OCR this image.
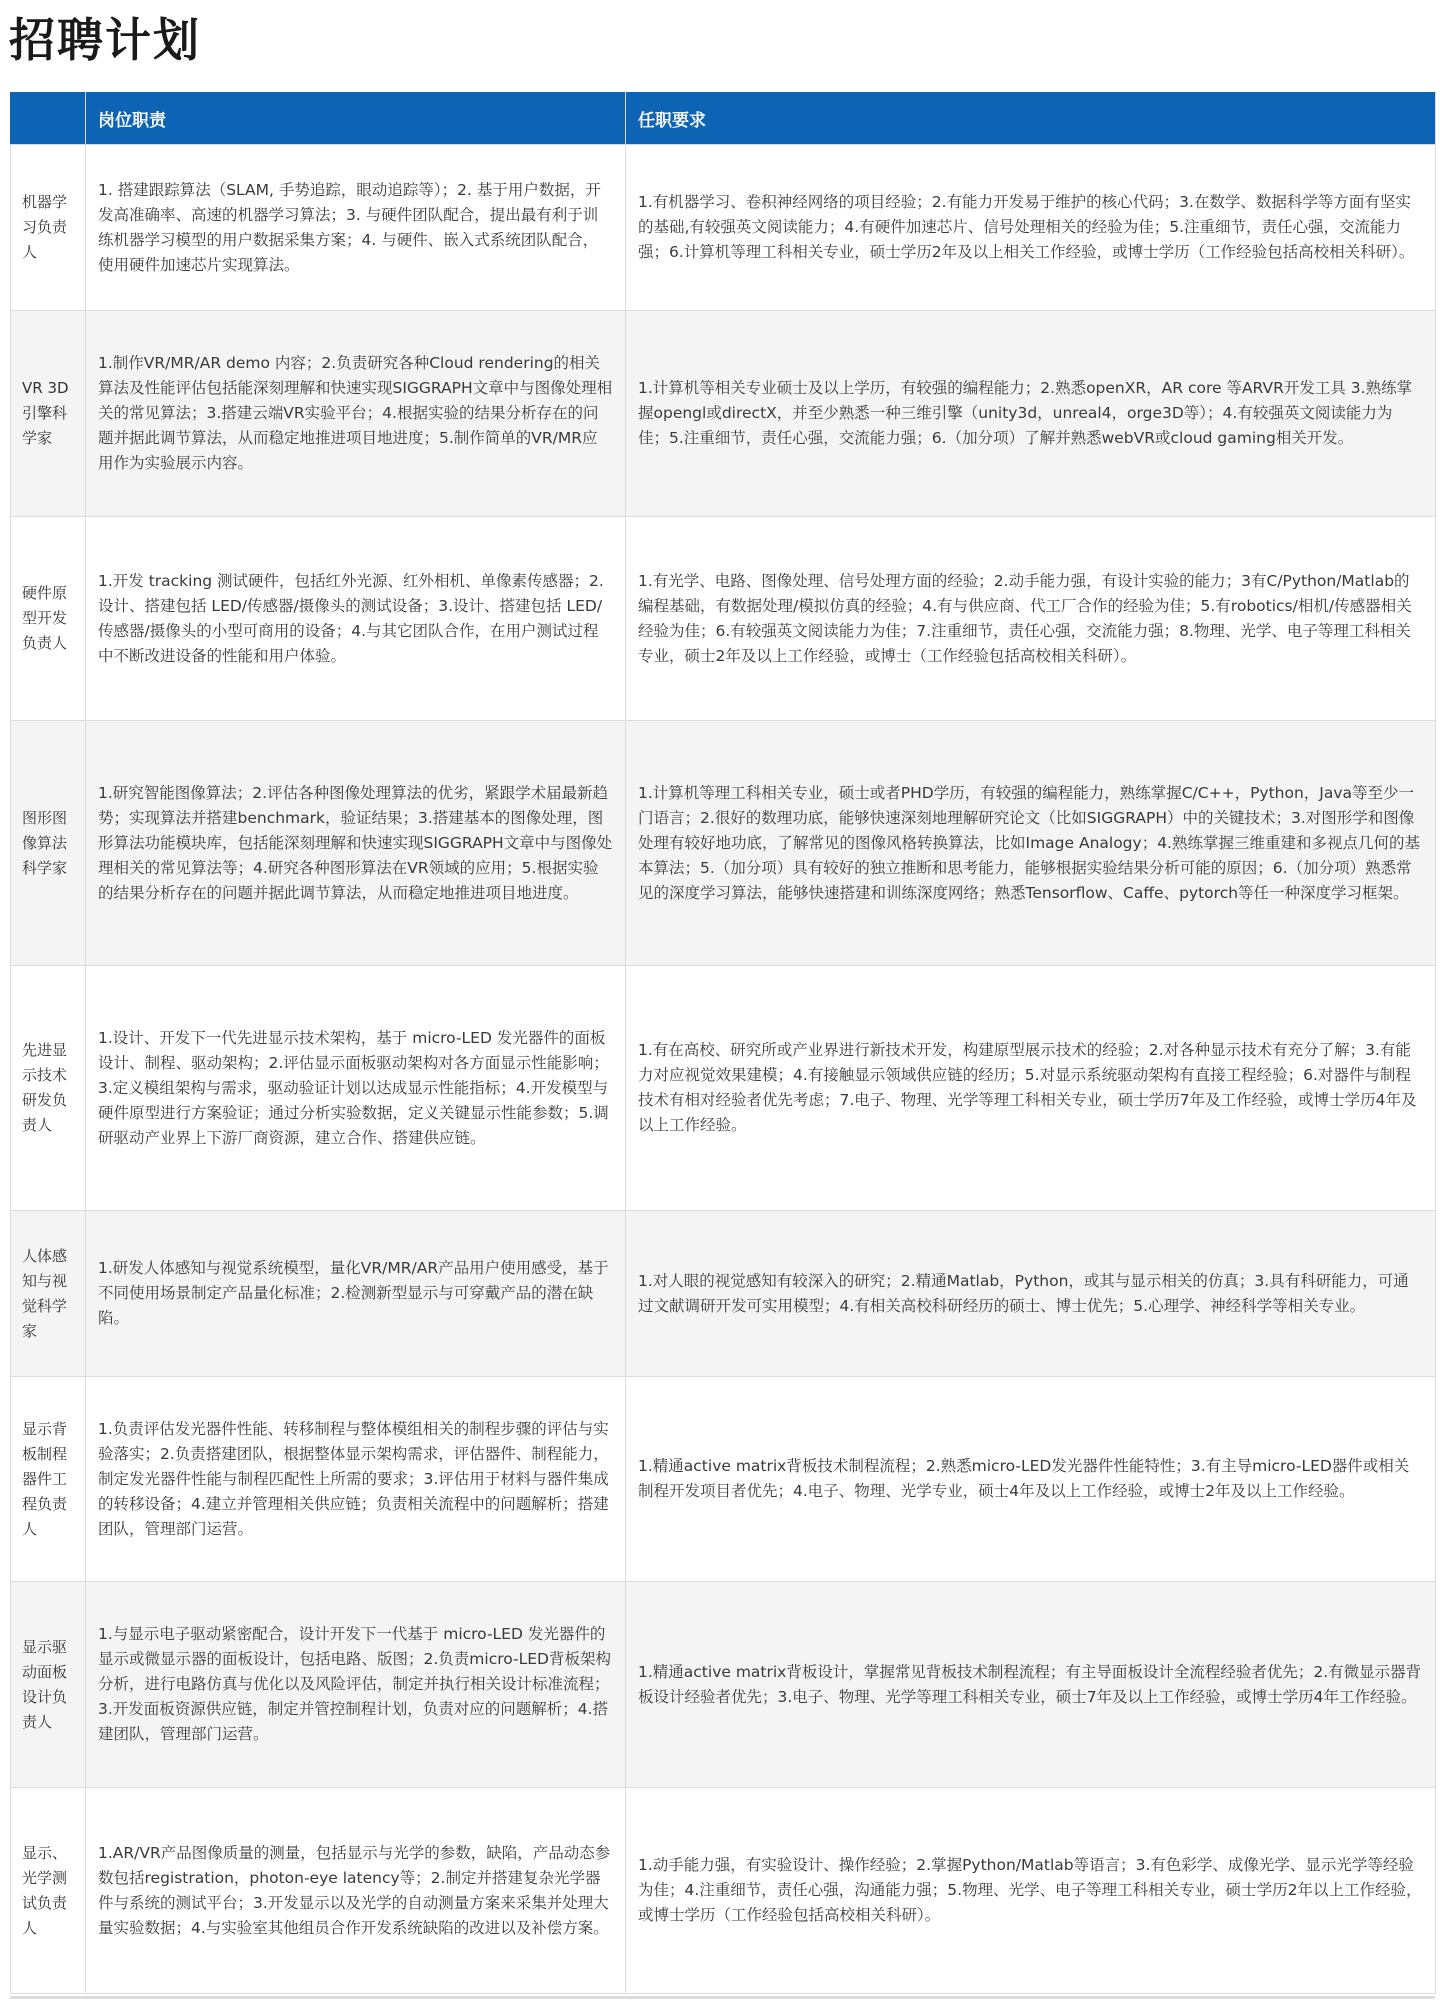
招聘计划
	岗位职责	任职要求
机器学习负责人	1. 搭建跟踪算法（SLAM, 手势追踪，眼动追踪等）；2. 基于用户数据，开发高准确率、高速的机器学习算法；3. 与硬件团队配合，提出最有利于训练机器学习模型的用户数据采集方案；4. 与硬件、嵌入式系统团队配合，使用硬件加速芯片实现算法。	1.有机器学习、卷积神经网络的项目经验；2.有能力开发易于维护的核心代码；3.在数学、数据科学等方面有坚实的基础,有较强英文阅读能力；4.有硬件加速芯片、信号处理相关的经验为佳；5.注重细节，责任心强，交流能力强；6.计算机等理工科相关专业，硕士学历2年及以上相关工作经验，或博士学历（工作经验包括高校相关科研）。
VR 3D 引擎科学家	1.制作VR/MR/AR demo 内容；2.负责研究各种Cloud rendering的相关算法及性能评估包括能深刻理解和快速实现SIGGRAPH文章中与图像处理相关的常见算法；3.搭建云端VR实验平台；4.根据实验的结果分析存在的问题并据此调节算法，从而稳定地推进项目地进度；5.制作简单的VR/MR应用作为实验展示内容。	1.计算机等相关专业硕士及以上学历，有较强的编程能力；2.熟悉openXR，AR core 等ARVR开发工具 3.熟练掌握opengl或directX，并至少熟悉一种三维引擎（unity3d，unreal4，orge3D等）；4.有较强英文阅读能力为佳；5.注重细节，责任心强，交流能力强；6.（加分项）了解并熟悉webVR或cloud gaming相关开发。
硬件原型开发负责人	1.开发 tracking 测试硬件，包括红外光源、红外相机、单像素传感器；2.设计、搭建包括 LED/传感器/摄像头的测试设备；3.设计、搭建包括 LED/传感器/摄像头的小型可商用的设备；4.与其它团队合作，在用户测试过程中不断改进设备的性能和用户体验。	1.有光学、电路、图像处理、信号处理方面的经验；2.动手能力强，有设计实验的能力；3有C/Python/Matlab的编程基础，有数据处理/模拟仿真的经验；4.有与供应商、代工厂合作的经验为佳；5.有robotics/相机/传感器相关经验为佳；6.有较强英文阅读能力为佳；7.注重细节，责任心强，交流能力强；8.物理、光学、电子等理工科相关专业，硕士2年及以上工作经验，或博士（工作经验包括高校相关科研）。
图形图像算法科学家	1.研究智能图像算法；2.评估各种图像处理算法的优劣，紧跟学术届最新趋势；实现算法并搭建benchmark，验证结果；3.搭建基本的图像处理，图形算法功能模块库，包括能深刻理解和快速实现SIGGRAPH文章中与图像处理相关的常见算法等；4.研究各种图形算法在VR领域的应用；5.根据实验的结果分析存在的问题并据此调节算法，从而稳定地推进项目地进度。	1.计算机等理工科相关专业，硕士或者PHD学历，有较强的编程能力，熟练掌握C/C++，Python，Java等至少一门语言；2.很好的数理功底，能够快速深刻地理解研究论文（比如SIGGRAPH）中的关键技术；3.对图形学和图像处理有较好地功底，了解常见的图像风格转换算法，比如Image Analogy；4.熟练掌握三维重建和多视点几何的基本算法；5.（加分项）具有较好的独立推断和思考能力，能够根据实验结果分析可能的原因；6.（加分项）熟悉常见的深度学习算法，能够快速搭建和训练深度网络；熟悉Tensorflow、Caffe、pytorch等任一种深度学习框架。
先进显示技术研发负责人	1.设计、开发下一代先进显示技术架构，基于 micro-LED 发光器件的面板设计、制程、驱动架构；2.评估显示面板驱动架构对各方面显示性能影响；3.定义模组架构与需求，驱动验证计划以达成显示性能指标；4.开发模型与硬件原型进行方案验证；通过分析实验数据，定义关键显示性能参数；5.调研驱动产业界上下游厂商资源，建立合作、搭建供应链。	1.有在高校、研究所或产业界进行新技术开发，构建原型展示技术的经验；2.对各种显示技术有充分了解；3.有能力对应视觉效果建模；4.有接触显示领域供应链的经历；5.对显示系统驱动架构有直接工程经验；6.对器件与制程技术有相对经验者优先考虑；7.电子、物理、光学等理工科相关专业，硕士学历7年及工作经验，或博士学历4年及以上工作经验。
人体感知与视觉科学家	1.研发人体感知与视觉系统模型，量化VR/MR/AR产品用户使用感受，基于不同使用场景制定产品量化标准；2.检测新型显示与可穿戴产品的潜在缺陷。	1.对人眼的视觉感知有较深入的研究；2.精通Matlab，Python，或其与显示相关的仿真；3.具有科研能力，可通过文献调研开发可实用模型；4.有相关高校科研经历的硕士、博士优先；5.心理学、神经科学等相关专业。
显示背板制程器件工程负责人	1.负责评估发光器件性能、转移制程与整体模组相关的制程步骤的评估与实验落实；2.负责搭建团队，根据整体显示架构需求，评估器件、制程能力，制定发光器件性能与制程匹配性上所需的要求；3.评估用于材料与器件集成的转移设备；4.建立并管理相关供应链；负责相关流程中的问题解析；搭建团队，管理部门运营。	1.精通active matrix背板技术制程流程；2.熟悉micro-LED发光器件性能特性；3.有主导micro-LED器件或相关制程开发项目者优先；4.电子、物理、光学专业，硕士4年及以上工作经验，或博士2年及以上工作经验。
显示驱动面板设计负责人	1.与显示电子驱动紧密配合，设计开发下一代基于 micro-LED 发光器件的显示或微显示器的面板设计，包括电路、版图；2.负责micro-LED背板架构分析，进行电路仿真与优化以及风险评估，制定并执行相关设计标准流程；3.开发面板资源供应链，制定并管控制程计划，负责对应的问题解析；4.搭建团队，管理部门运营。	1.精通active matrix背板设计，掌握常见背板技术制程流程；有主导面板设计全流程经验者优先；2.有微显示器背板设计经验者优先；3.电子、物理、光学等理工科相关专业，硕士7年及以上工作经验，或博士学历4年工作经验。
显示、光学测试负责人	1.AR/VR产品图像质量的测量，包括显示与光学的参数，缺陷，产品动态参数包括registration，photon-eye latency等；2.制定并搭建复杂光学器件与系统的测试平台；3.开发显示以及光学的自动测量方案来采集并处理大量实验数据；4.与实验室其他组员合作开发系统缺陷的改进以及补偿方案。	1.动手能力强，有实验设计、操作经验；2.掌握Python/Matlab等语言；3.有色彩学、成像光学、显示光学等经验为佳；4.注重细节，责任心强，沟通能力强；5.物理、光学、电子等理工科相关专业，硕士学历2年以上工作经验，或博士学历（工作经验包括高校相关科研）。
